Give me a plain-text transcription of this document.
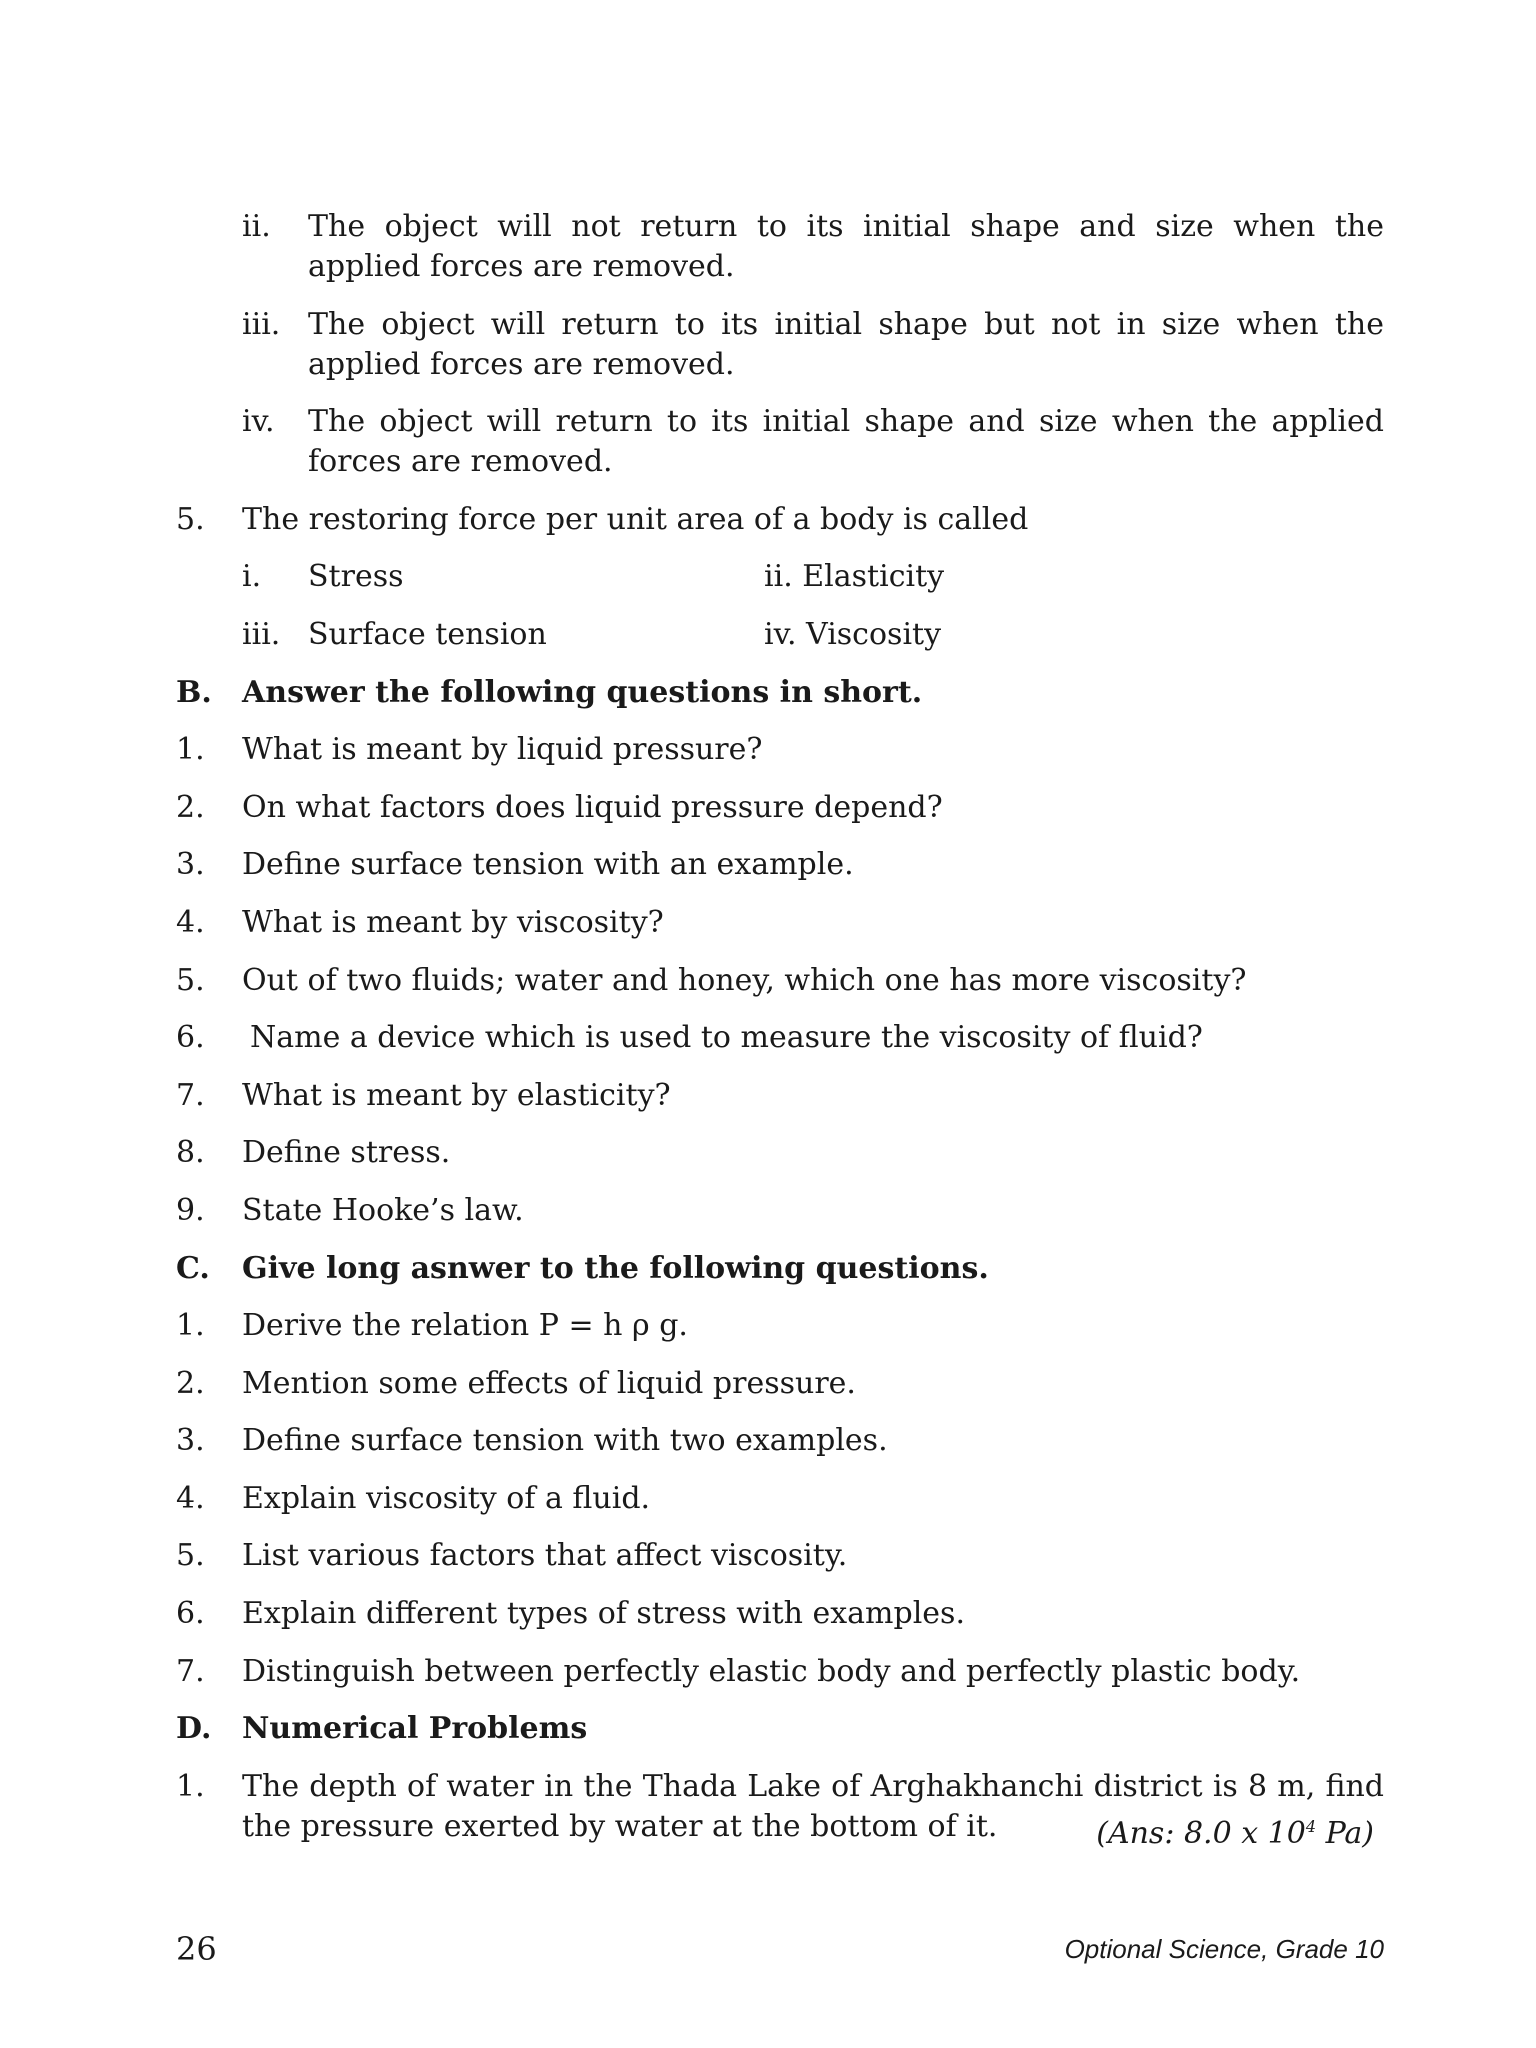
ii.	The object will not return to its initial shape and size when the applied forces are removed.
iii. The object will return to its initial shape but not in size when the applied forces are removed.
iv.	The object will return to its initial shape and size when the applied forces are removed.
5.	The restoring force per unit area of a body is called
i.	Stress	ii. Elasticity
iii. Surface tension	iv. Viscosity
B.	Answer the following questions in short.
1.	What is meant by liquid pressure?
2.	On what factors does liquid pressure depend?
3.	Define surface tension with an example.
4.	What is meant by viscosity?
5.	Out of two fluids; water and honey, which one has more viscosity?
6.	Name a device which is used to measure the viscosity of fluid?
7.	What is meant by elasticity?
8.	Define stress.
9.	State Hooke’s law.
C.	Give long asnwer to the following questions.
1.	Derive the relation P = h ρ g.
2.	Mention some effects of liquid pressure.
3.	Define surface tension with two examples.
4.	Explain viscosity of a fluid.
5.	List various factors that affect viscosity.
6.	Explain different types of stress with examples.
7.	Distinguish between perfectly elastic body and perfectly plastic body.
D.	Numerical Problems
1.	The depth of water in the Thada Lake of Arghakhanchi district is 8 m, find the pressure exerted by water at the bottom of it.	(Ans: 8.0 x $10^4$ Pa)
26	Optional Science, Grade 10
